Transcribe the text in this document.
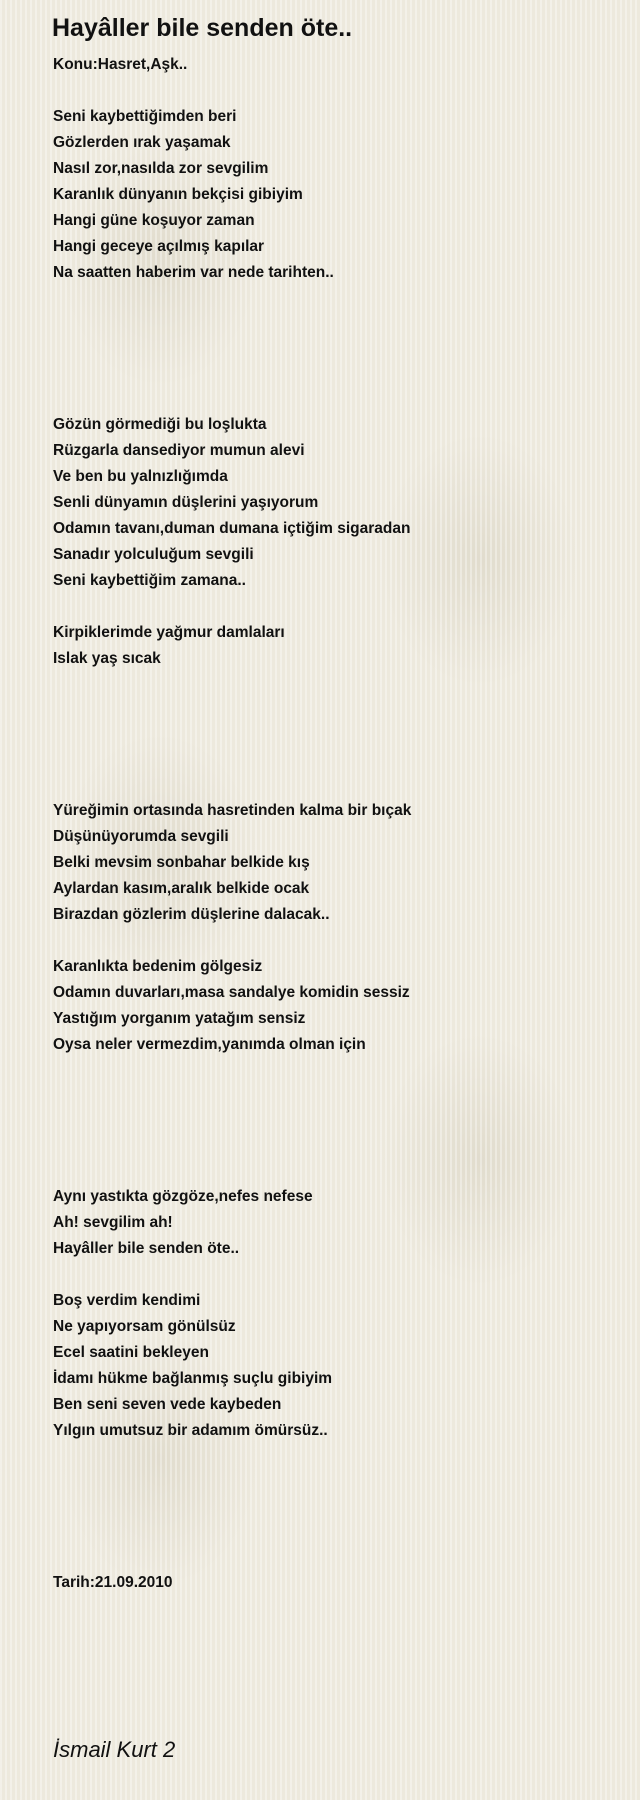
Hayâller bile senden öte..
Konu:Hasret,Aşk..
Seni kaybettiğimden beri
Gözlerden ırak yaşamak
Nasıl zor,nasılda zor sevgilim
Karanlık dünyanın bekçisi gibiyim
Hangi güne koşuyor zaman
Hangi geceye açılmış kapılar
Na saatten haberim var nede tarihten..
Gözün görmediği bu loşlukta
Rüzgarla dansediyor mumun alevi
Ve ben bu yalnızlığımda
Senli dünyamın düşlerini yaşıyorum
Odamın tavanı,duman dumana içtiğim sigaradan
Sanadır yolculuğum sevgili
Seni kaybettiğim zamana..
Kirpiklerimde yağmur damlaları
Islak yaş sıcak
Yüreğimin ortasında hasretinden kalma bir bıçak
Düşünüyorumda sevgili
Belki mevsim sonbahar belkide kış
Aylardan kasım,aralık belkide ocak
Birazdan gözlerim düşlerine dalacak..
Karanlıkta bedenim gölgesiz
Odamın duvarları,masa sandalye komidin sessiz
Yastığım yorganım yatağım sensiz
Oysa neler vermezdim,yanımda olman için
Aynı yastıkta gözgöze,nefes nefese
Ah! sevgilim ah!
Hayâller bile senden öte..
Boş verdim kendimi
Ne yapıyorsam gönülsüz
Ecel saatini bekleyen
İdamı hükme bağlanmış suçlu gibiyim
Ben seni seven vede kaybeden
Yılgın umutsuz bir adamım ömürsüz..
Tarih:21.09.2010
İsmail Kurt 2
